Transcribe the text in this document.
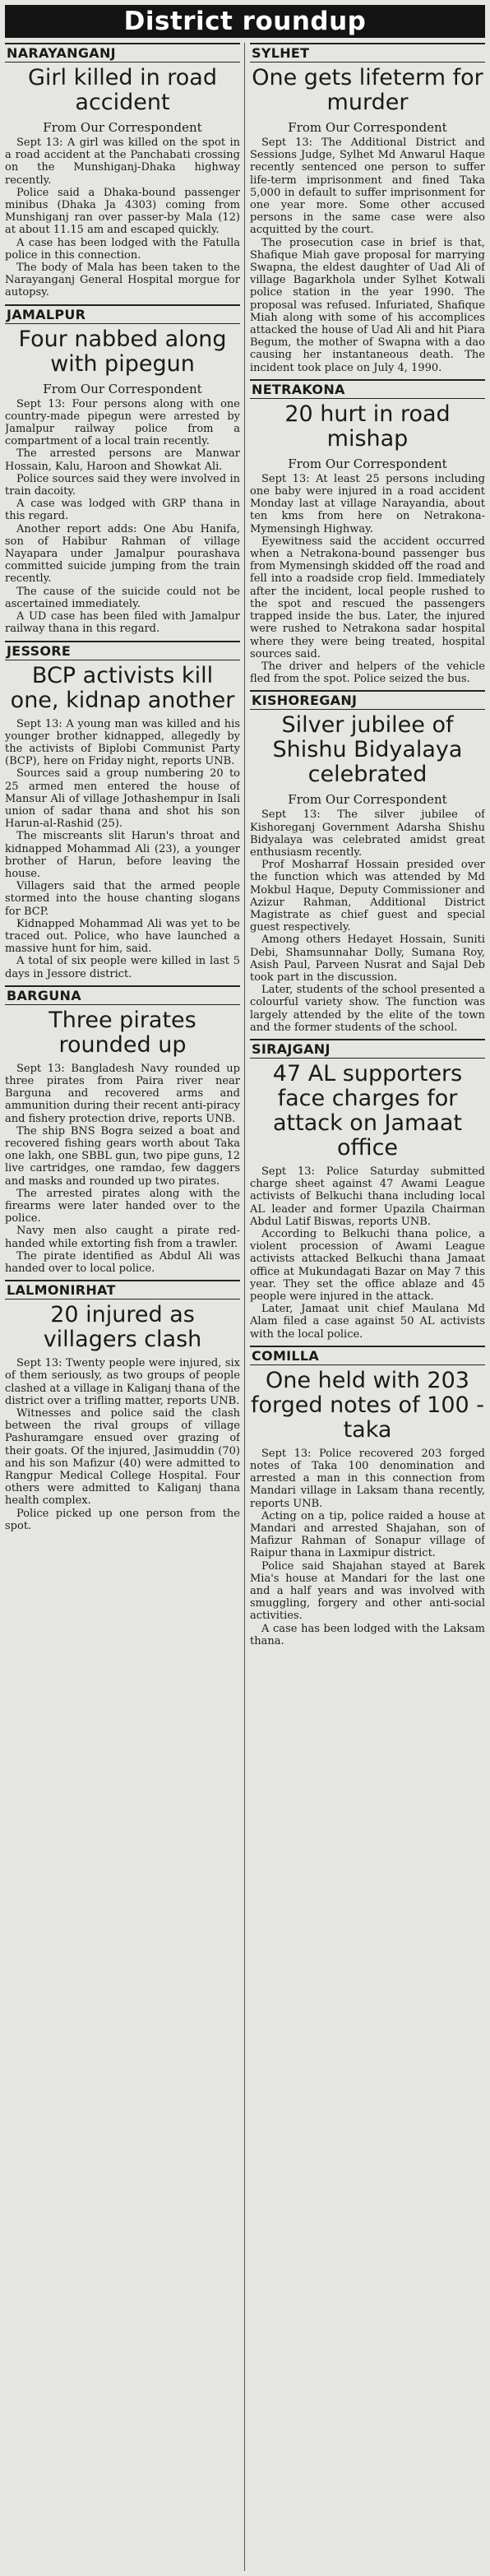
District roundup
NARAYANGANJ
Girl killed in road accident
From Our Correspondent

Sept 13: A girl was killed on the spot in a road accident at the Panchabati crossing on the Munshiganj-Dhaka highway recently.

Police said a Dhaka-bound passenger minibus (Dhaka Ja 4303) coming from Munshiganj ran over passer-by Mala (12) at about 11.15 am and escaped quickly.

A case has been lodged with the Fatulla police in this connection.

The body of Mala has been taken to the Narayanganj General Hospital morgue for autopsy.

JAMALPUR
Four nabbed along with pipegun
From Our Correspondent

Sept 13: Four persons along with one country-made pipegun were arrested by Jamalpur railway police from a compartment of a local train recently.

The arrested persons are Manwar Hossain, Kalu, Haroon and Showkat Ali.

Police sources said they were involved in train dacoity.

A case was lodged with GRP thana in this regard.

Another report adds: One Abu Hanifa, son of Habibur Rahman of village Nayapara under Jamalpur pourashava committed suicide jumping from the train recently.

The cause of the suicide could not be ascertained immediately.

A UD case has been filed with Jamalpur railway thana in this regard.

JESSORE
BCP activists kill one, kidnap another

Sept 13: A young man was killed and his younger brother kidnapped, allegedly by the activists of Biplobi Communist Party (BCP), here on Friday night, reports UNB.

Sources said a group numbering 20 to 25 armed men entered the house of Mansur Ali of village Jothashempur in Isali union of sadar thana and shot his son Harun-al-Rashid (25).

The miscreants slit Harun's throat and kidnapped Mohammad Ali (23), a younger brother of Harun, before leaving the house.

Villagers said that the armed people stormed into the house chanting slogans for BCP.

Kidnapped Mohammad Ali was yet to be traced out. Police, who have launched a massive hunt for him, said.

A total of six people were killed in last 5 days in Jessore district.

BARGUNA
Three pirates rounded up

Sept 13: Bangladesh Navy rounded up three pirates from Paira river near Barguna and recovered arms and ammunition during their recent anti-piracy and fishery protection drive, reports UNB.

The ship BNS Bogra seized a boat and recovered fishing gears worth about Taka one lakh, one SBBL gun, two pipe guns, 12 live cartridges, one ramdao, few daggers and masks and rounded up two pirates.

The arrested pirates along with the firearms were later handed over to the police.

Navy men also caught a pirate red-handed while extorting fish from a trawler.

The pirate identified as Abdul Ali was handed over to local police.

LALMONIRHAT
20 injured as villagers clash

Sept 13: Twenty people were injured, six of them seriously, as two groups of people clashed at a village in Kaliganj thana of the district over a trifling matter, reports UNB.

Witnesses and police said the clash between the rival groups of village Pashuramgare ensued over grazing of their goats. Of the injured, Jasimuddin (70) and his son Mafizur (40) were admitted to Rangpur Medical College Hospital. Four others were admitted to Kaliganj thana health complex.

Police picked up one person from the spot.

SYLHET
One gets lifeterm for murder
From Our Correspondent

Sept 13: The Additional District and Sessions Judge, Sylhet Md Anwarul Haque recently sentenced one person to suffer life-term imprisonment and fined Taka 5,000 in default to suffer imprisonment for one year more. Some other accused persons in the same case were also acquitted by the court.

The prosecution case in brief is that, Shafique Miah gave proposal for marrying Swapna, the eldest daughter of Uad Ali of village Bagarkhola under Sylhet Kotwali police station in the year 1990. The proposal was refused. Infuriated, Shafique Miah along with some of his accomplices attacked the house of Uad Ali and hit Piara Begum, the mother of Swapna with a dao causing her instantaneous death. The incident took place on July 4, 1990.

NETRAKONA
20 hurt in road mishap
From Our Correspondent

Sept 13: At least 25 persons including one baby were injured in a road accident Monday last at village Narayandia, about ten kms from here on Netrakona-Mymensingh Highway.

Eyewitness said the accident occurred when a Netrakona-bound passenger bus from Mymensingh skidded off the road and fell into a roadside crop field. Immediately after the incident, local people rushed to the spot and rescued the passengers trapped inside the bus. Later, the injured were rushed to Netrakona sadar hospital where they were being treated, hospital sources said.

The driver and helpers of the vehicle fled from the spot. Police seized the bus.

KISHOREGANJ
Silver jubilee of Shishu Bidyalaya celebrated
From Our Correspondent

Sept 13: The silver jubilee of Kishoreganj Government Adarsha Shishu Bidyalaya was celebrated amidst great enthusiasm recently.

Prof Mosharraf Hossain presided over the function which was attended by Md Mokbul Haque, Deputy Commissioner and Azizur Rahman, Additional District Magistrate as chief guest and special guest respectively.

Among others Hedayet Hossain, Suniti Debi, Shamsunnahar Dolly, Sumana Roy, Asish Paul, Parveen Nusrat and Sajal Deb took part in the discussion.

Later, students of the school presented a colourful variety show. The function was largely attended by the elite of the town and the former students of the school.

SIRAJGANJ
47 AL supporters face charges for attack on Jamaat office

Sept 13: Police Saturday submitted charge sheet against 47 Awami League activists of Belkuchi thana including local AL leader and former Upazila Chairman Abdul Latif Biswas, reports UNB.

According to Belkuchi thana police, a violent procession of Awami League activists attacked Belkuchi thana Jamaat office at Mukundagati Bazar on May 7 this year. They set the office ablaze and 45 people were injured in the attack.

Later, Jamaat unit chief Maulana Md Alam filed a case against 50 AL activists with the local police.

COMILLA
One held with 203 forged notes of 100 - taka

Sept 13: Police recovered 203 forged notes of Taka 100 denomination and arrested a man in this connection from Mandari village in Laksam thana recently, reports UNB.

Acting on a tip, police raided a house at Mandari and arrested Shajahan, son of Mafizur Rahman of Sonapur village of Raipur thana in Laxmipur district.

Police said Shajahan stayed at Barek Mia's house at Mandari for the last one and a half years and was involved with smuggling, forgery and other anti-social activities.

A case has been lodged with the Laksam thana.
